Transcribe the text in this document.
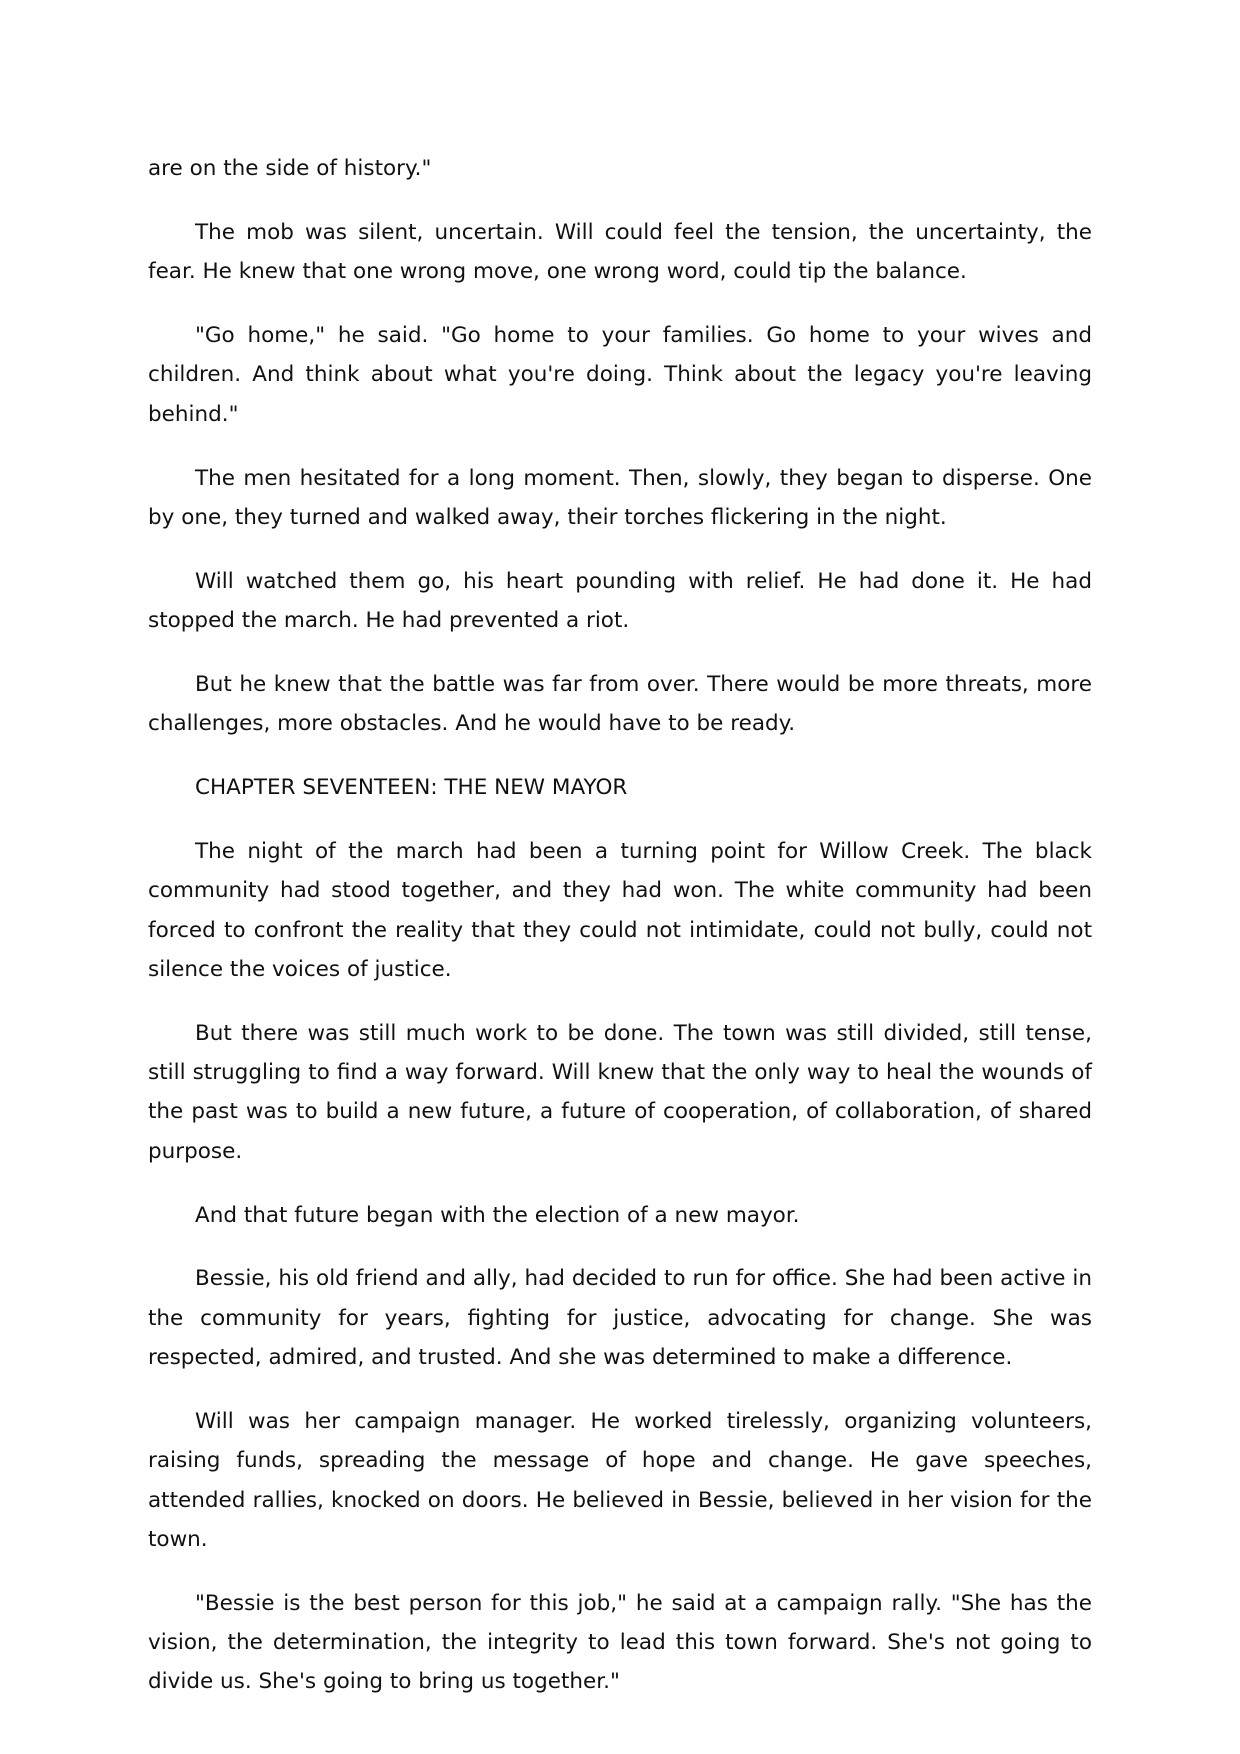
are on the side of history."

The mob was silent, uncertain. Will could feel the tension, the uncertainty, the fear. He knew that one wrong move, one wrong word, could tip the balance.

"Go home," he said. "Go home to your families. Go home to your wives and children. And think about what you're doing. Think about the legacy you're leaving behind."

The men hesitated for a long moment. Then, slowly, they began to disperse. One by one, they turned and walked away, their torches flickering in the night.

Will watched them go, his heart pounding with relief. He had done it. He had stopped the march. He had prevented a riot.

But he knew that the battle was far from over. There would be more threats, more challenges, more obstacles. And he would have to be ready.

CHAPTER SEVENTEEN: THE NEW MAYOR

The night of the march had been a turning point for Willow Creek. The black community had stood together, and they had won. The white community had been forced to confront the reality that they could not intimidate, could not bully, could not silence the voices of justice.

But there was still much work to be done. The town was still divided, still tense, still struggling to find a way forward. Will knew that the only way to heal the wounds of the past was to build a new future, a future of cooperation, of collaboration, of shared purpose.

And that future began with the election of a new mayor.

Bessie, his old friend and ally, had decided to run for office. She had been active in the community for years, fighting for justice, advocating for change. She was respected, admired, and trusted. And she was determined to make a difference.

Will was her campaign manager. He worked tirelessly, organizing volunteers, raising funds, spreading the message of hope and change. He gave speeches, attended rallies, knocked on doors. He believed in Bessie, believed in her vision for the town.

"Bessie is the best person for this job," he said at a campaign rally. "She has the vision, the determination, the integrity to lead this town forward. She's not going to divide us. She's going to bring us together."
